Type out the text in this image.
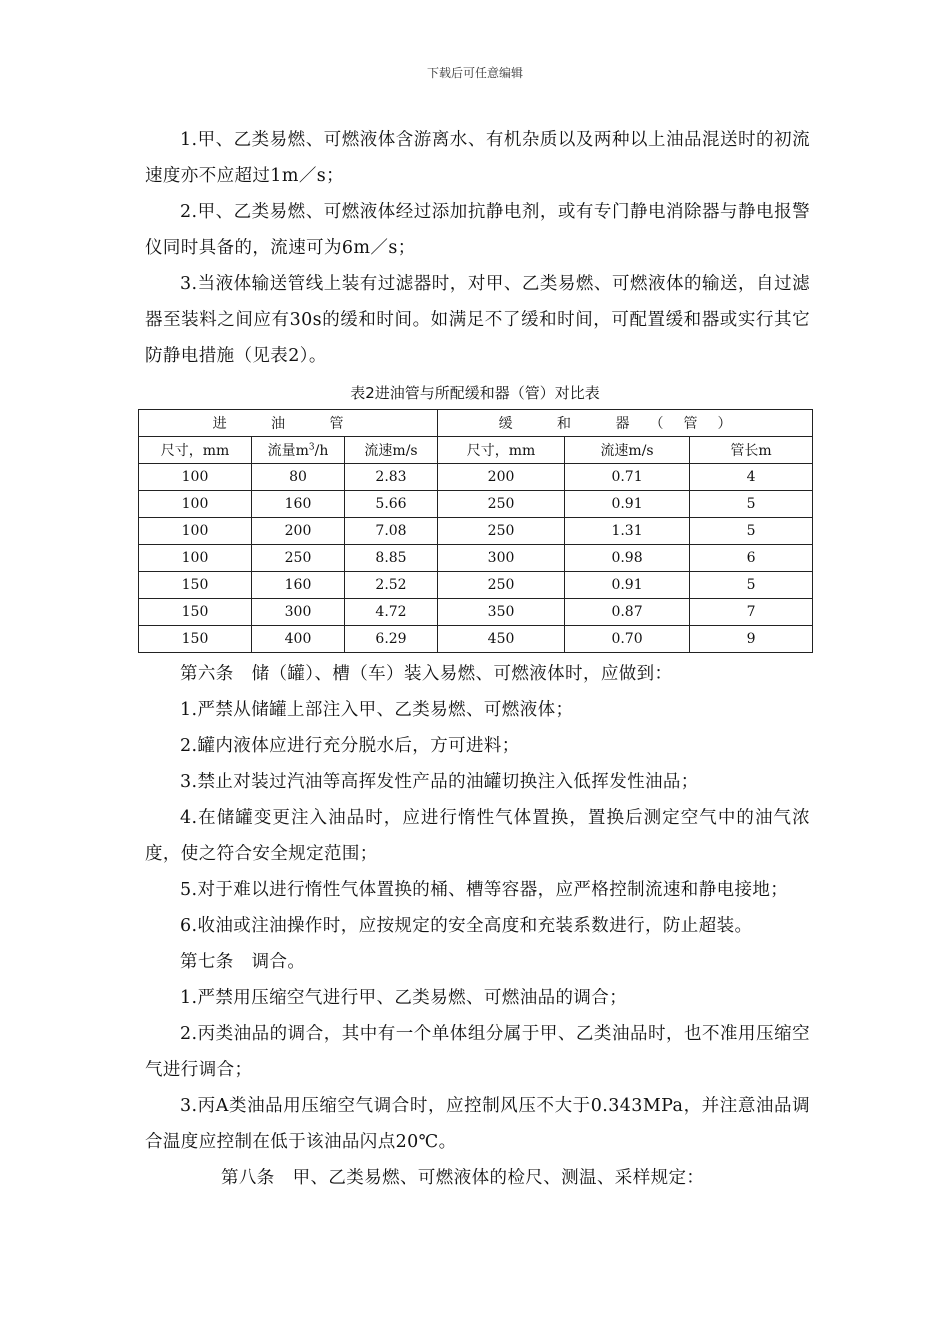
下载后可任意编辑

1.甲、乙类易燃、可燃液体含游离水、有机杂质以及两种以上油品混送时的初流速度亦不应超过1m／s；

2.甲、乙类易燃、可燃液体经过添加抗静电剂，或有专门静电消除器与静电报警仪同时具备的，流速可为6m／s；

3.当液体输送管线上装有过滤器时，对甲、乙类易燃、可燃液体的输送，自过滤器至装料之间应有30s的缓和时间。如满足不了缓和时间，可配置缓和器或实行其它防静电措施（见表2）。

表2进油管与所配缓和器（管）对比表
进 油 管			缓 和 器（管）		
尺寸，mm	流量$m^3/h$	流速m/s	尺寸，mm	流速m/s	管长m
100	80	2.83	200	0.71	4
100	160	5.66	250	0.91	5
100	200	7.08	250	1.31	5
100	250	8.85	300	0.98	6
150	160	2.52	250	0.91	5
150	300	4.72	350	0.87	7
150	400	6.29	450	0.70	9

第六条　储（罐）、槽（车）装入易燃、可燃液体时，应做到：

1.严禁从储罐上部注入甲、乙类易燃、可燃液体；

2.罐内液体应进行充分脱水后，方可进料；

3.禁止对装过汽油等高挥发性产品的油罐切换注入低挥发性油品；

4.在储罐变更注入油品时，应进行惰性气体置换，置换后测定空气中的油气浓度，使之符合安全规定范围；

5.对于难以进行惰性气体置换的桶、槽等容器，应严格控制流速和静电接地；

6.收油或注油操作时，应按规定的安全高度和充装系数进行，防止超装。

第七条　调合。

1.严禁用压缩空气进行甲、乙类易燃、可燃油品的调合；

2.丙类油品的调合，其中有一个单体组分属于甲、乙类油品时，也不准用压缩空气进行调合；

3.丙A类油品用压缩空气调合时，应控制风压不大于0.343MPa，并注意油品调合温度应控制在低于该油品闪点20℃。

第八条　甲、乙类易燃、可燃液体的检尺、测温、采样规定：
